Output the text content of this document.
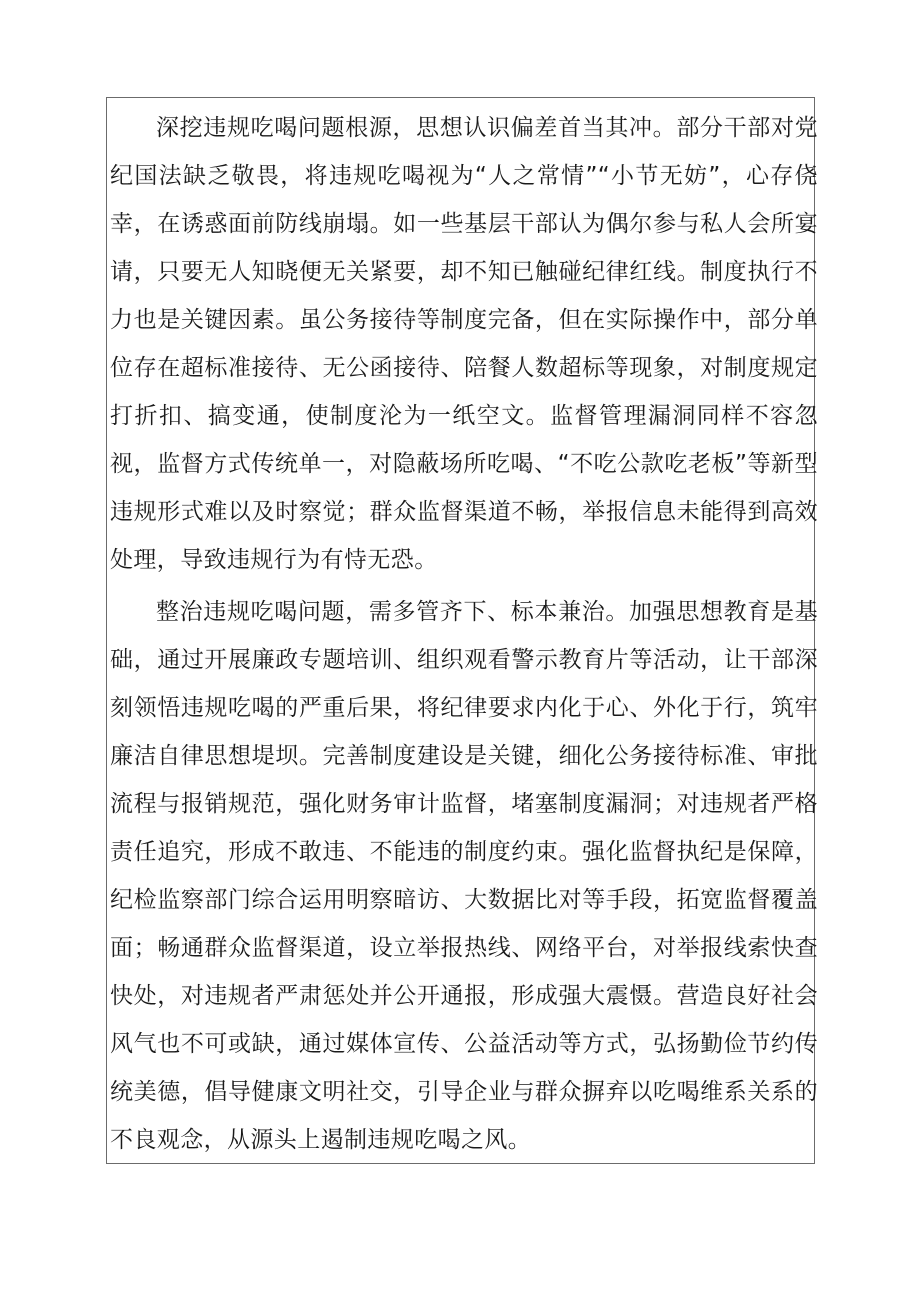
深挖违规吃喝问题根源，思想认识偏差首当其冲。部分干部对党纪国法缺乏敬畏，将违规吃喝视为“人之常情”“小节无妨”，心存侥幸，在诱惑面前防线崩塌。如一些基层干部认为偶尔参与私人会所宴请，只要无人知晓便无关紧要，却不知已触碰纪律红线。制度执行不力也是关键因素。虽公务接待等制度完备，但在实际操作中，部分单位存在超标准接待、无公函接待、陪餐人数超标等现象，对制度规定打折扣、搞变通，使制度沦为一纸空文。监督管理漏洞同样不容忽视，监督方式传统单一，对隐蔽场所吃喝、“不吃公款吃老板”等新型违规形式难以及时察觉；群众监督渠道不畅，举报信息未能得到高效处理，导致违规行为有恃无恐。

整治违规吃喝问题，需多管齐下、标本兼治。加强思想教育是基础，通过开展廉政专题培训、组织观看警示教育片等活动，让干部深刻领悟违规吃喝的严重后果，将纪律要求内化于心、外化于行，筑牢廉洁自律思想堤坝。完善制度建设是关键，细化公务接待标准、审批流程与报销规范，强化财务审计监督，堵塞制度漏洞；对违规者严格责任追究，形成不敢违、不能违的制度约束。强化监督执纪是保障，纪检监察部门综合运用明察暗访、大数据比对等手段，拓宽监督覆盖面；畅通群众监督渠道，设立举报热线、网络平台，对举报线索快查快处，对违规者严肃惩处并公开通报，形成强大震慑。营造良好社会风气也不可或缺，通过媒体宣传、公益活动等方式，弘扬勤俭节约传统美德，倡导健康文明社交，引导企业与群众摒弃以吃喝维系关系的不良观念，从源头上遏制违规吃喝之风。
